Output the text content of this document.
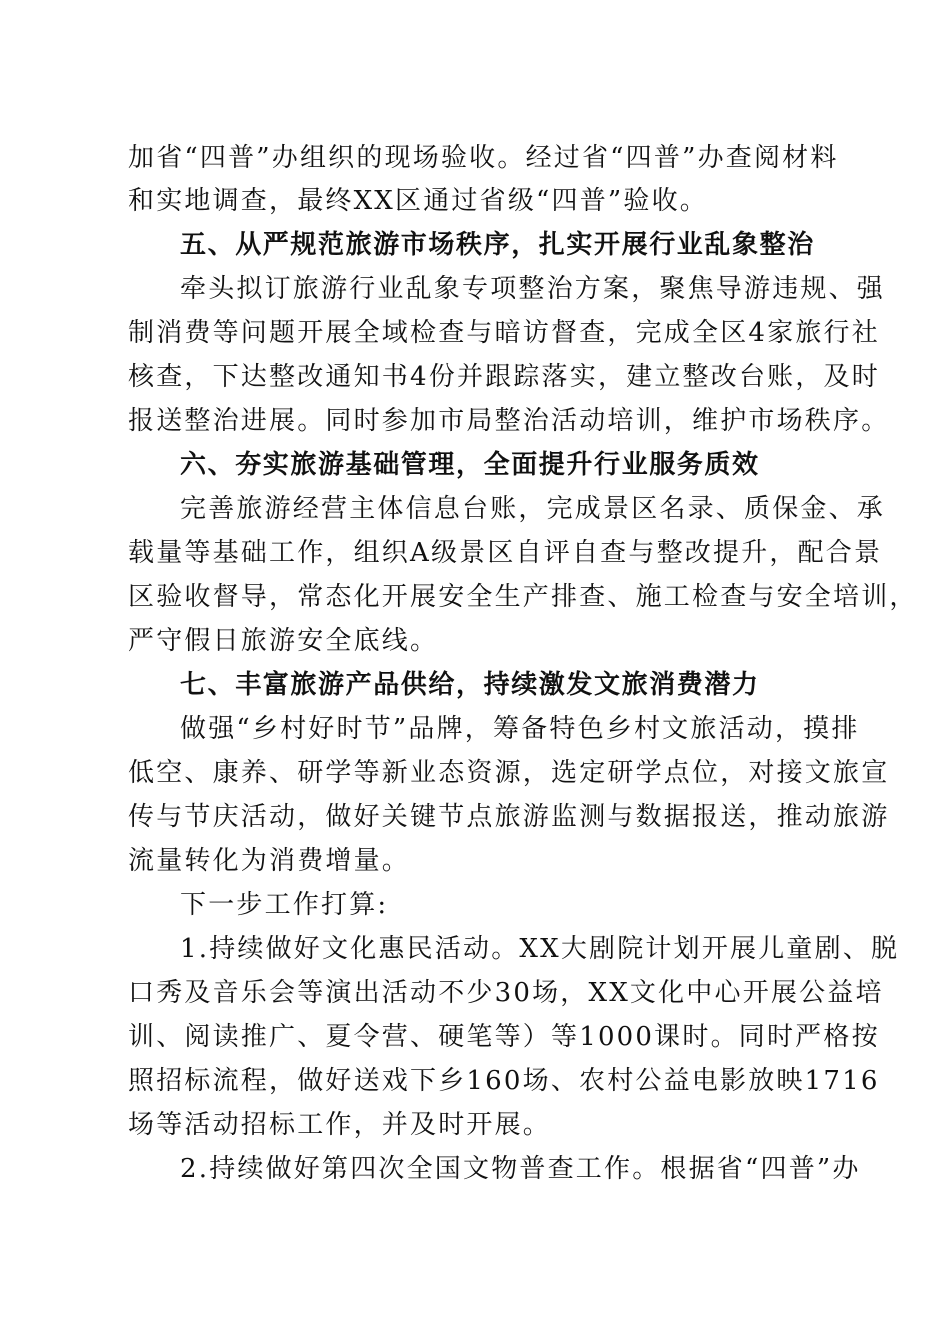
加省“四普”办组织的现场验收。经过省“四普”办查阅材料
和实地调查，最终XX区通过省级“四普”验收。
五、从严规范旅游市场秩序，扎实开展行业乱象整治
牵头拟订旅游行业乱象专项整治方案，聚焦导游违规、强
制消费等问题开展全域检查与暗访督查，完成全区4家旅行社
核查，下达整改通知书4份并跟踪落实，建立整改台账，及时
报送整治进展。同时参加市局整治活动培训，维护市场秩序。
六、夯实旅游基础管理，全面提升行业服务质效
完善旅游经营主体信息台账，完成景区名录、质保金、承
载量等基础工作，组织A级景区自评自查与整改提升，配合景
区验收督导，常态化开展安全生产排查、施工检查与安全培训，
严守假日旅游安全底线。
七、丰富旅游产品供给，持续激发文旅消费潜力
做强“乡村好时节”品牌，筹备特色乡村文旅活动，摸排
低空、康养、研学等新业态资源，选定研学点位，对接文旅宣
传与节庆活动，做好关键节点旅游监测与数据报送，推动旅游
流量转化为消费增量。
下一步工作打算:
1.持续做好文化惠民活动。XX大剧院计划开展儿童剧、脱
口秀及音乐会等演出活动不少30场，XX文化中心开展公益培
训、阅读推广、夏令营、硬笔等）等1000课时。同时严格按
照招标流程，做好送戏下乡160场、农村公益电影放映1716
场等活动招标工作，并及时开展。
2.持续做好第四次全国文物普查工作。根据省“四普”办
